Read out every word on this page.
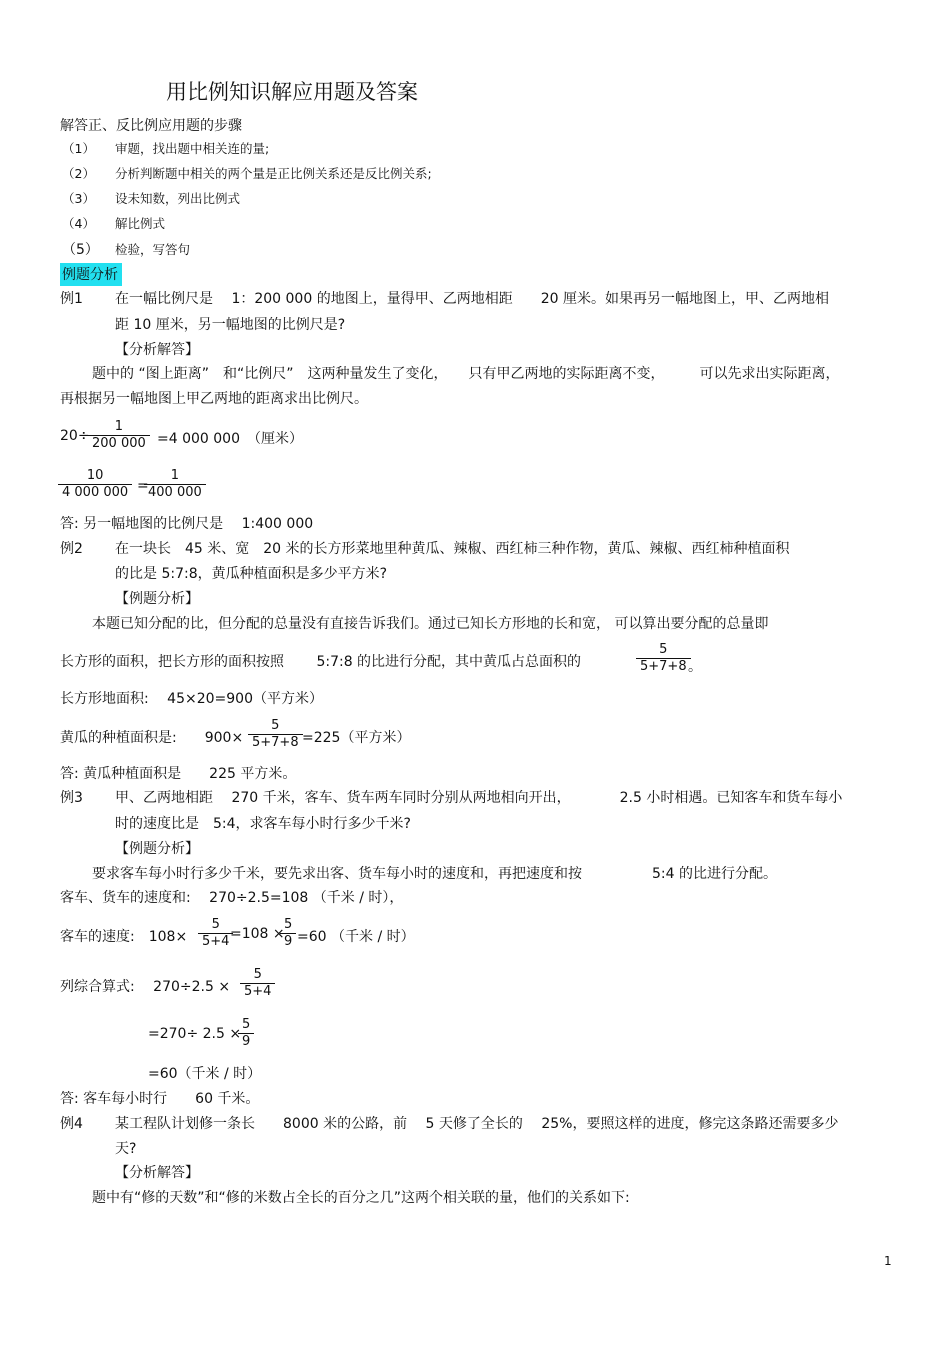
用比例知识解应用题及答案
解答正、反比例应用题的步骤
（1） 审题，找出题中相关连的量;
（2） 分析判断题中相关的两个量是正比例关系还是反比例关系;
（3） 设未知数，列出比例式
（4） 解比例式
（5） 检验，写答句
例题分析
例1 在一幅比例尺是　 1：200 000 的地图上，量得甲、乙两地相距　　20 厘米。如果再另一幅地图上，甲、乙两地相
距 10 厘米，另一幅地图的比例尺是?
【分析解答】
题中的 “图上距离”　和“比例尺”　这两种量发生了变化，　　只有甲乙两地的实际距离不变，　　　可以先求出实际距离，
再根据另一幅地图上甲乙两地的距离求出比例尺。
20÷
1
200 000 =4 000 000　（厘米）
10
4 000 000 =
1
400 000
答: 另一幅地图的比例尺是　 1:400 000
例2 在一块长　45 米、宽　20 米的长方形菜地里种黄瓜、辣椒、西红柿三种作物，黄瓜、辣椒、西红柿种植面积
的比是 5:7:8，黄瓜种植面积是多少平方米?
【例题分析】
本题已知分配的比，但分配的总量没有直接告诉我们。通过已知长方形地的长和宽， 可以算出要分配的总量即
长方形的面积，把长方形的面积按照　　 5:7:8 的比进行分配，其中黄瓜占总面积的
5
5+7+8 。
长方形地面积:　 45×20=900（平方米）
黄瓜的种植面积是:　　900×
5
5+7+8 =225（平方米）
答: 黄瓜种植面积是　　225 平方米。
例3 甲、乙两地相距　 270 千米，客车、货车两车同时分别从两地相向开出，　　　　2.5 小时相遇。已知客车和货车每小
时的速度比是　5:4，求客车每小时行多少千米?
【例题分析】
要求客车每小时行多少千米，要先求出客、货车每小时的速度和，再把速度和按　　　　　5:4 的比进行分配。
客车、货车的速度和:　 270÷2.5=108 （千米 / 时），
客车的速度:　108×
5
5+4 =108 ×
5
9 =60 （千米 / 时）
列综合算式:　 270÷2.5 ×
5
5+4
=270÷ 2.5 ×
5
9
=60（千米 / 时）
答: 客车每小时行　　60 千米。
例4 某工程队计划修一条长　　8000 米的公路，前　 5 天修了全长的　 25%，要照这样的进度，修完这条路还需要多少
天?
【分析解答】
题中有“修的天数”和“修的米数占全长的百分之几”这两个相关联的量，他们的关系如下:
1
